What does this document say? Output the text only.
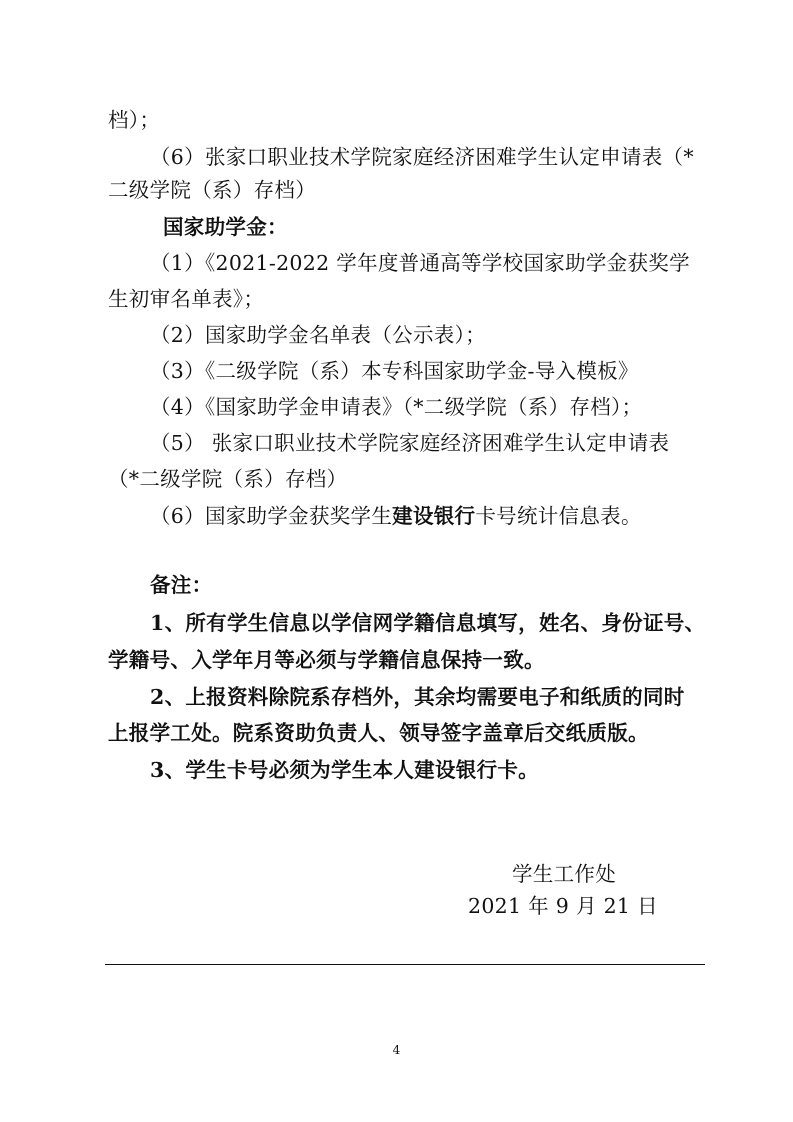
档）；
（6）张家口职业技术学院家庭经济困难学生认定申请表（*
二级学院（系）存档）
国家助学金：
（1）《2021-2022 学年度普通高等学校国家助学金获奖学
生初审名单表》；
（2）国家助学金名单表（公示表）；
（3）《二级学院（系）本专科国家助学金-导入模板》
（4）《国家助学金申请表》（*二级学院（系）存档）；
（5） 张家口职业技术学院家庭经济困难学生认定申请表
（*二级学院（系）存档）
（6）国家助学金获奖学生建设银行卡号统计信息表。
备注：
1、所有学生信息以学信网学籍信息填写，姓名、身份证号、
学籍号、入学年月等必须与学籍信息保持一致。
2、上报资料除院系存档外，其余均需要电子和纸质的同时
上报学工处。院系资助负责人、领导签字盖章后交纸质版。
3、学生卡号必须为学生本人建设银行卡。
学生工作处
2021 年 9 月 21 日
4
